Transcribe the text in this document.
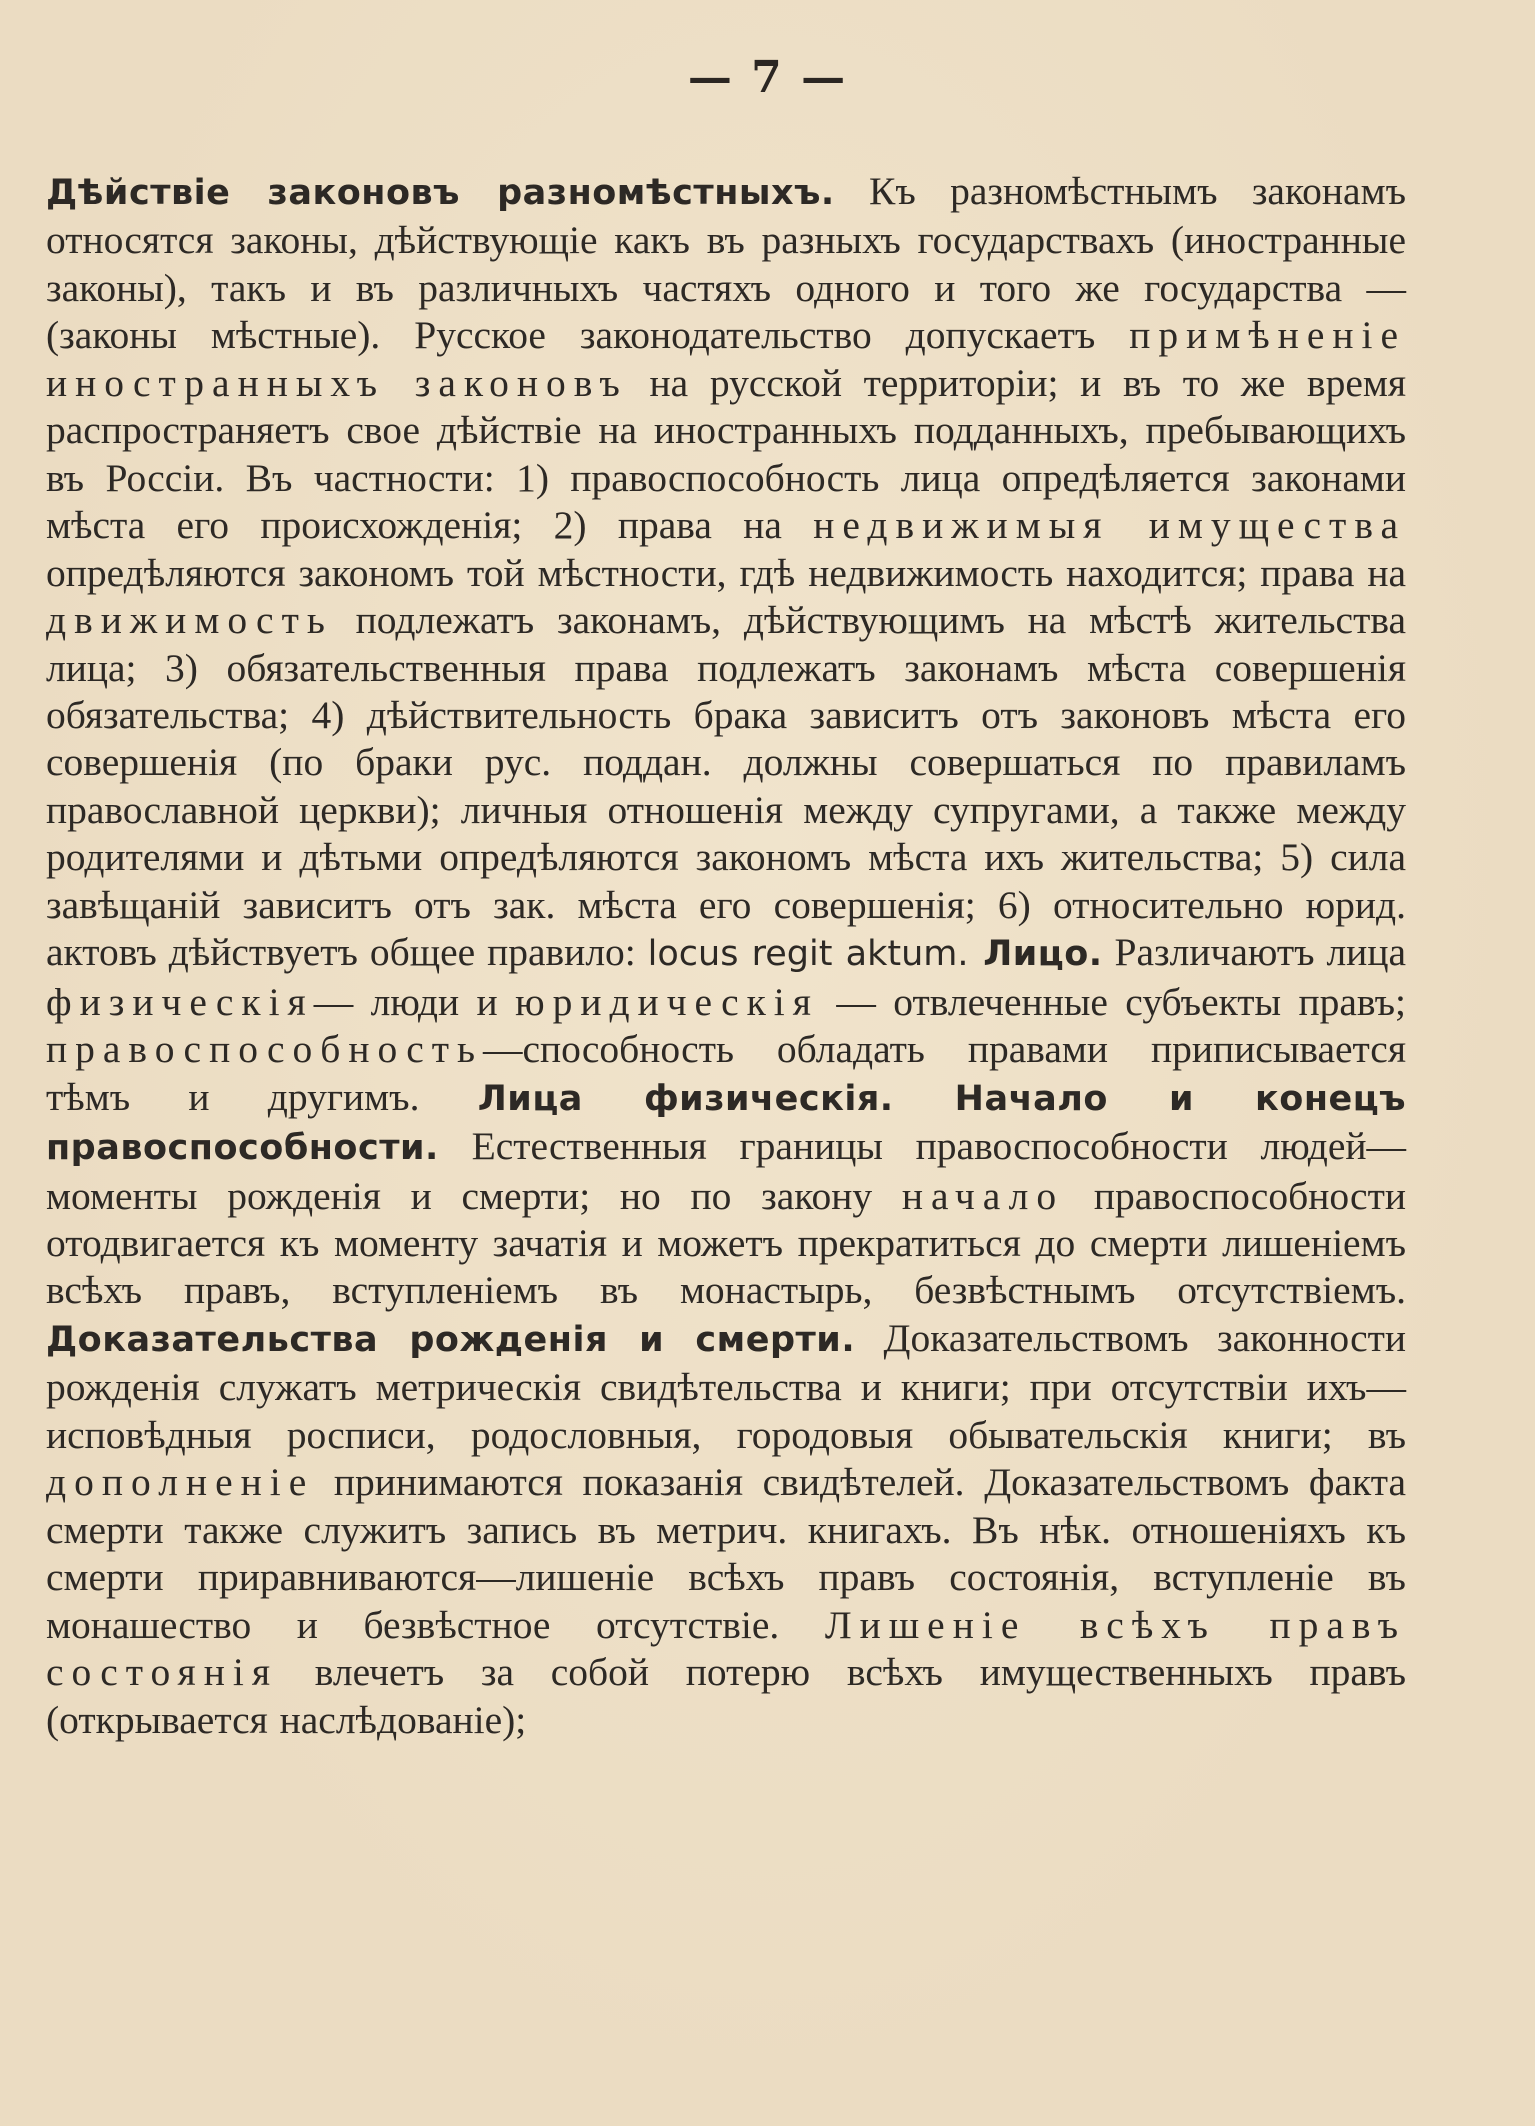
— 7 —

Дѣйствіе законовъ разномѣстныхъ. Къ разномѣстнымъ законамъ относятся законы, дѣйствующіе какъ въ разныхъ государствахъ (иностранные законы), такъ и въ различныхъ частяхъ одного и того же государства — (законы мѣстные). Русское законодательство допускаетъ примѣненіе иностранныхъ законовъ на русской территоріи; и въ то же время распространяетъ свое дѣйствіе на иностранныхъ подданныхъ, пребывающихъ въ Россіи. Въ частности: 1) правоспособность лица опредѣляется законами мѣста его происхожденія; 2) права на недвижимыя имущества опредѣляются закономъ той мѣстности, гдѣ недвижимость находится; права на движимость подлежатъ законамъ, дѣйствующимъ на мѣстѣ жительства лица; 3) обязательственныя права подлежатъ законамъ мѣста совершенія обязательства; 4) дѣйствительность брака зависитъ отъ законовъ мѣста его совершенія (по браки рус. поддан. должны совершаться по правиламъ православной церкви); личныя отношенія между супругами, а также между родителями и дѣтьми опредѣляются закономъ мѣста ихъ жительства; 5) сила завѣщаній зависитъ отъ зак. мѣста его совершенія; 6) относительно юрид. актовъ дѣйствуетъ общее правило: locus regit aktum. Лицо. Различаютъ лица физическія— люди и юридическія — отвлеченные субъекты правъ; правоспособность—способность обладать правами приписывается тѣмъ и другимъ. Лица физическія. Начало и конецъ правоспособности. Естественныя границы правоспособности людей—моменты рожденія и смерти; но по закону начало правоспособности отодвигается къ моменту зачатія и можетъ прекратиться до смерти лишеніемъ всѣхъ правъ, вступленіемъ въ монастырь, безвѣстнымъ отсутствіемъ. Доказательства рожденія и смерти. Доказательствомъ законности рожденія служатъ метрическія свидѣтельства и книги; при отсутствіи ихъ—исповѣдныя росписи, родословныя, городовыя обывательскія книги; въ дополненіе принимаются показанія свидѣтелей. Доказательствомъ факта смерти также служитъ запись въ метрич. книгахъ. Въ нѣк. отношеніяхъ къ смерти приравниваются—лишеніе всѣхъ правъ состоянія, вступленіе въ монашество и безвѣстное отсутствіе. Лишеніе всѣхъ правъ состоянія влечетъ за собой потерю всѣхъ имущественныхъ правъ (открывается наслѣдованіе);
